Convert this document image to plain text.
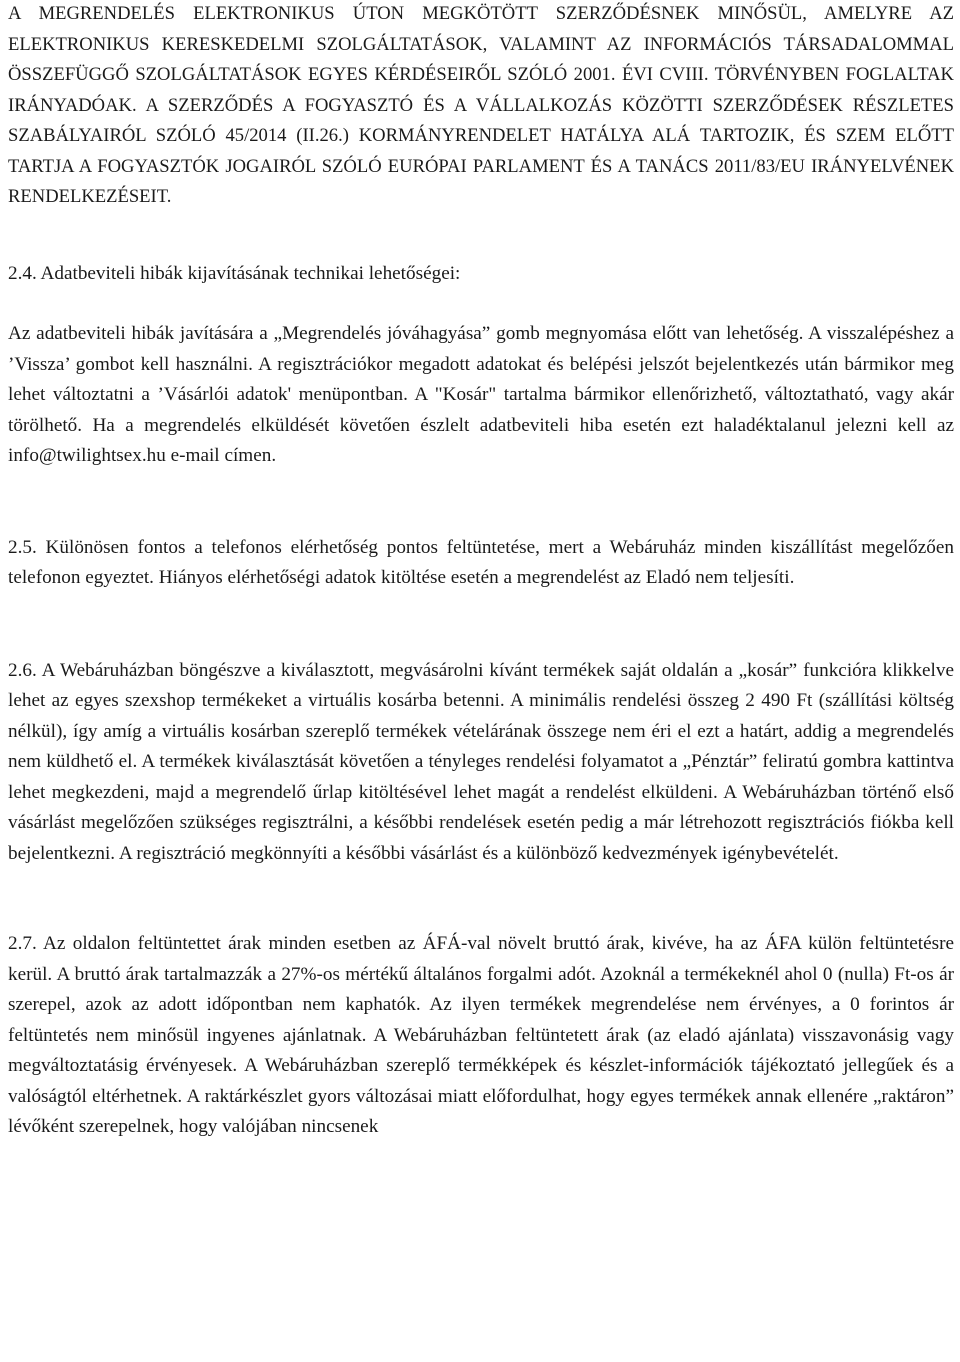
A MEGRENDELÉS ELEKTRONIKUS ÚTON MEGKÖTÖTT SZERZŐDÉSNEK MINŐSÜL, AMELYRE AZ ELEKTRONIKUS KERESKEDELMI SZOLGÁLTATÁSOK, VALAMINT AZ INFORMÁCIÓS TÁRSADALOMMAL ÖSSZEFÜGGŐ SZOLGÁLTATÁSOK EGYES KÉRDÉSEIRŐL SZÓLÓ 2001. ÉVI CVIII. TÖRVÉNYBEN FOGLALTAK IRÁNYADÓAK. A SZERZŐDÉS A FOGYASZTÓ ÉS A VÁLLALKOZÁS KÖZÖTTI SZERZŐDÉSEK RÉSZLETES SZABÁLYAIRÓL SZÓLÓ 45/2014 (II.26.) KORMÁNYRENDELET HATÁLYA ALÁ TARTOZIK, ÉS SZEM ELŐTT TARTJA A FOGYASZTÓK JOGAIRÓL SZÓLÓ EURÓPAI PARLAMENT ÉS A TANÁCS 2011/83/EU IRÁNYELVÉNEK RENDELKEZÉSEIT.

2.4. Adatbeviteli hibák kijavításának technikai lehetőségei:

Az adatbeviteli hibák javítására a „Megrendelés jóváhagyása” gomb megnyomása előtt van lehetőség. A visszalépéshez a ’Vissza’ gombot kell használni. A regisztrációkor megadott adatokat és belépési jelszót bejelentkezés után bármikor meg lehet változtatni a ’Vásárlói adatok' menüpontban. A "Kosár" tartalma bármikor ellenőrizhető, változtatható, vagy akár törölhető. Ha a megrendelés elküldését követően észlelt adatbeviteli hiba esetén ezt haladéktalanul jelezni kell az info@twilightsex.hu e-mail címen.

2.5. Különösen fontos a telefonos elérhetőség pontos feltüntetése, mert a Webáruház minden kiszállítást megelőzően telefonon egyeztet. Hiányos elérhetőségi adatok kitöltése esetén a megrendelést az Eladó nem teljesíti.

2.6. A Webáruházban böngészve a kiválasztott, megvásárolni kívánt termékek saját oldalán a „kosár” funkcióra klikkelve lehet az egyes szexshop termékeket a virtuális kosárba betenni. A minimális rendelési összeg 2 490 Ft (szállítási költség nélkül), így amíg a virtuális kosárban szereplő termékek vételárának összege nem éri el ezt a határt, addig a megrendelés nem küldhető el. A termékek kiválasztását követően a tényleges rendelési folyamatot a „Pénztár” feliratú gombra kattintva lehet megkezdeni, majd a megrendelő űrlap kitöltésével lehet magát a rendelést elküldeni. A Webáruházban történő első vásárlást megelőzően szükséges regisztrálni, a későbbi rendelések esetén pedig a már létrehozott regisztrációs fiókba kell bejelentkezni. A regisztráció megkönnyíti a későbbi vásárlást és a különböző kedvezmények igénybevételét.

2.7. Az oldalon feltüntettet árak minden esetben az ÁFÁ-val növelt bruttó árak, kivéve, ha az ÁFA külön feltüntetésre kerül. A bruttó árak tartalmazzák a 27%-os mértékű általános forgalmi adót. Azoknál a termékeknél ahol 0 (nulla) Ft-os ár szerepel, azok az adott időpontban nem kaphatók. Az ilyen termékek megrendelése nem érvényes, a 0 forintos ár feltüntetés nem minősül ingyenes ajánlatnak. A Webáruházban feltüntetett árak (az eladó ajánlata) visszavonásig vagy megváltoztatásig érvényesek. A Webáruházban szereplő termékképek és készlet-információk tájékoztató jellegűek és a valóságtól eltérhetnek. A raktárkészlet gyors változásai miatt előfordulhat, hogy egyes termékek annak ellenére „raktáron” lévőként szerepelnek, hogy valójában nincsenek
